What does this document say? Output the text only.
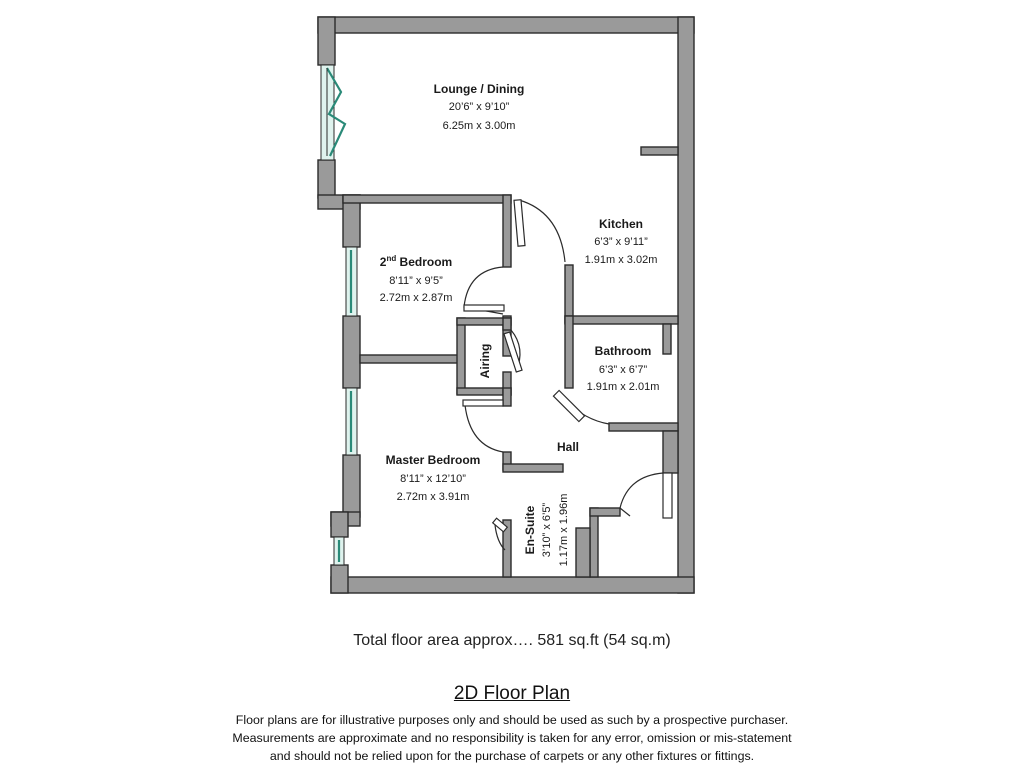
Lounge / Dining
20’6” x 9’10”
6.25m x 3.00m
Kitchen
6’3” x 9’11”
1.91m x 3.02m
2nd Bedroom
8’11” x 9’5”
2.72m x 2.87m
Airing	Bathroom
6’3” x 6’7”
1.91m x 2.01m
Hall
Master Bedroom
8’11” x 12’10”
2.72m x 3.91m
En-Suite 3’10” x 6’5” 1.17m x 1.96m
Total floor area approx…. 581 sq.ft (54 sq.m)
2D Floor Plan
Floor plans are for illustrative purposes only and should be used as such by a prospective purchaser.
Measurements are approximate and no responsibility is taken for any error, omission or mis-statement
and should not be relied upon for the purchase of carpets or any other fixtures or fittings.
